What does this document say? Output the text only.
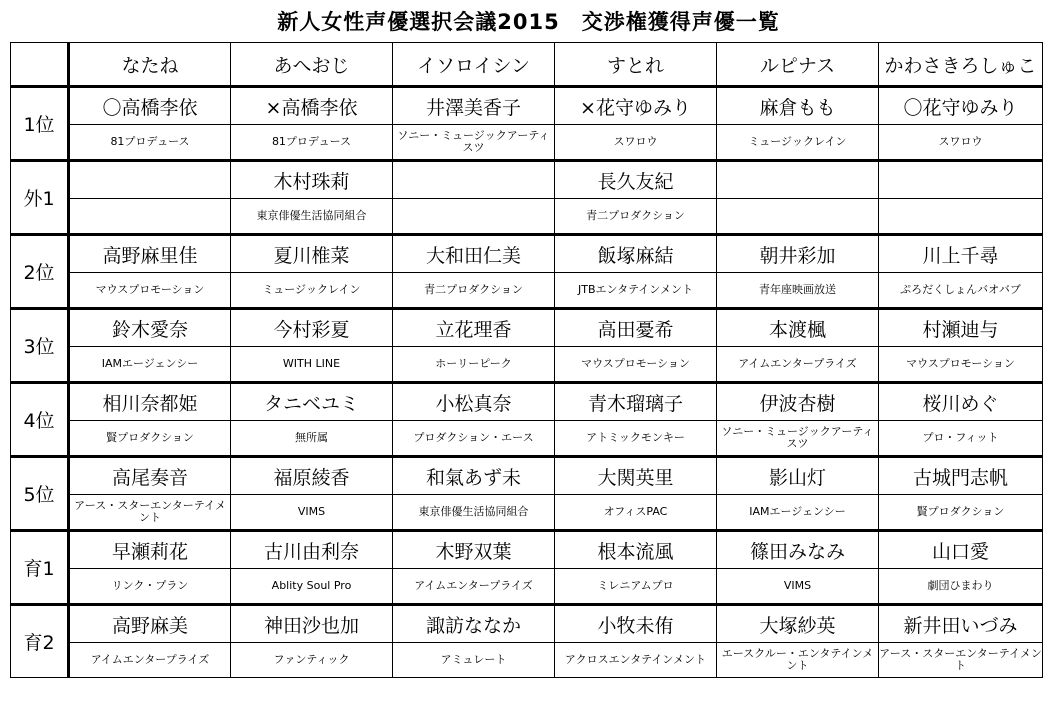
新人女性声優選択会議2015　交渉権獲得声優一覧
	なたね	あへおじ	イソロイシン	すとれ	ルピナス	かわさきろしゅこ
1位	〇高橋李依	×高橋李依	井澤美香子	×花守ゆみり	麻倉もも	〇花守ゆみり
	81プロデュース	81プロデュース	ソニー・ミュージックアーティスツ	スワロウ	ミュージックレイン	スワロウ
外1		木村珠莉		長久友紀		
		東京俳優生活協同組合		青二プロダクション		
2位	高野麻里佳	夏川椎菜	大和田仁美	飯塚麻結	朝井彩加	川上千尋
	マウスプロモーション	ミュージックレイン	青二プロダクション	JTBエンタテインメント	青年座映画放送	ぷろだくしょんバオバブ
3位	鈴木愛奈	今村彩夏	立花理香	高田憂希	本渡楓	村瀬迪与
	IAMエージェンシー	WITH LINE	ホーリーピーク	マウスプロモーション	アイムエンタープライズ	マウスプロモーション
4位	相川奈都姫	タニベユミ	小松真奈	青木瑠璃子	伊波杏樹	桜川めぐ
	賢プロダクション	無所属	プロダクション・エース	アトミックモンキー	ソニー・ミュージックアーティスツ	プロ・フィット
5位	高尾奏音	福原綾香	和氣あず未	大関英里	影山灯	古城門志帆
	アース・スターエンターテイメント	VIMS	東京俳優生活協同組合	オフィスPAC	IAMエージェンシー	賢プロダクション
育1	早瀬莉花	古川由利奈	木野双葉	根本流風	篠田みなみ	山口愛
	リンク・プラン	Ablity Soul Pro	アイムエンタープライズ	ミレニアムプロ	VIMS	劇団ひまわり
育2	高野麻美	神田沙也加	諏訪ななか	小牧未侑	大塚紗英	新井田いづみ
	アイムエンタープライズ	ファンティック	アミュレート	アクロスエンタテインメント	エースクルー・エンタテインメント	アース・スターエンターテイメント
